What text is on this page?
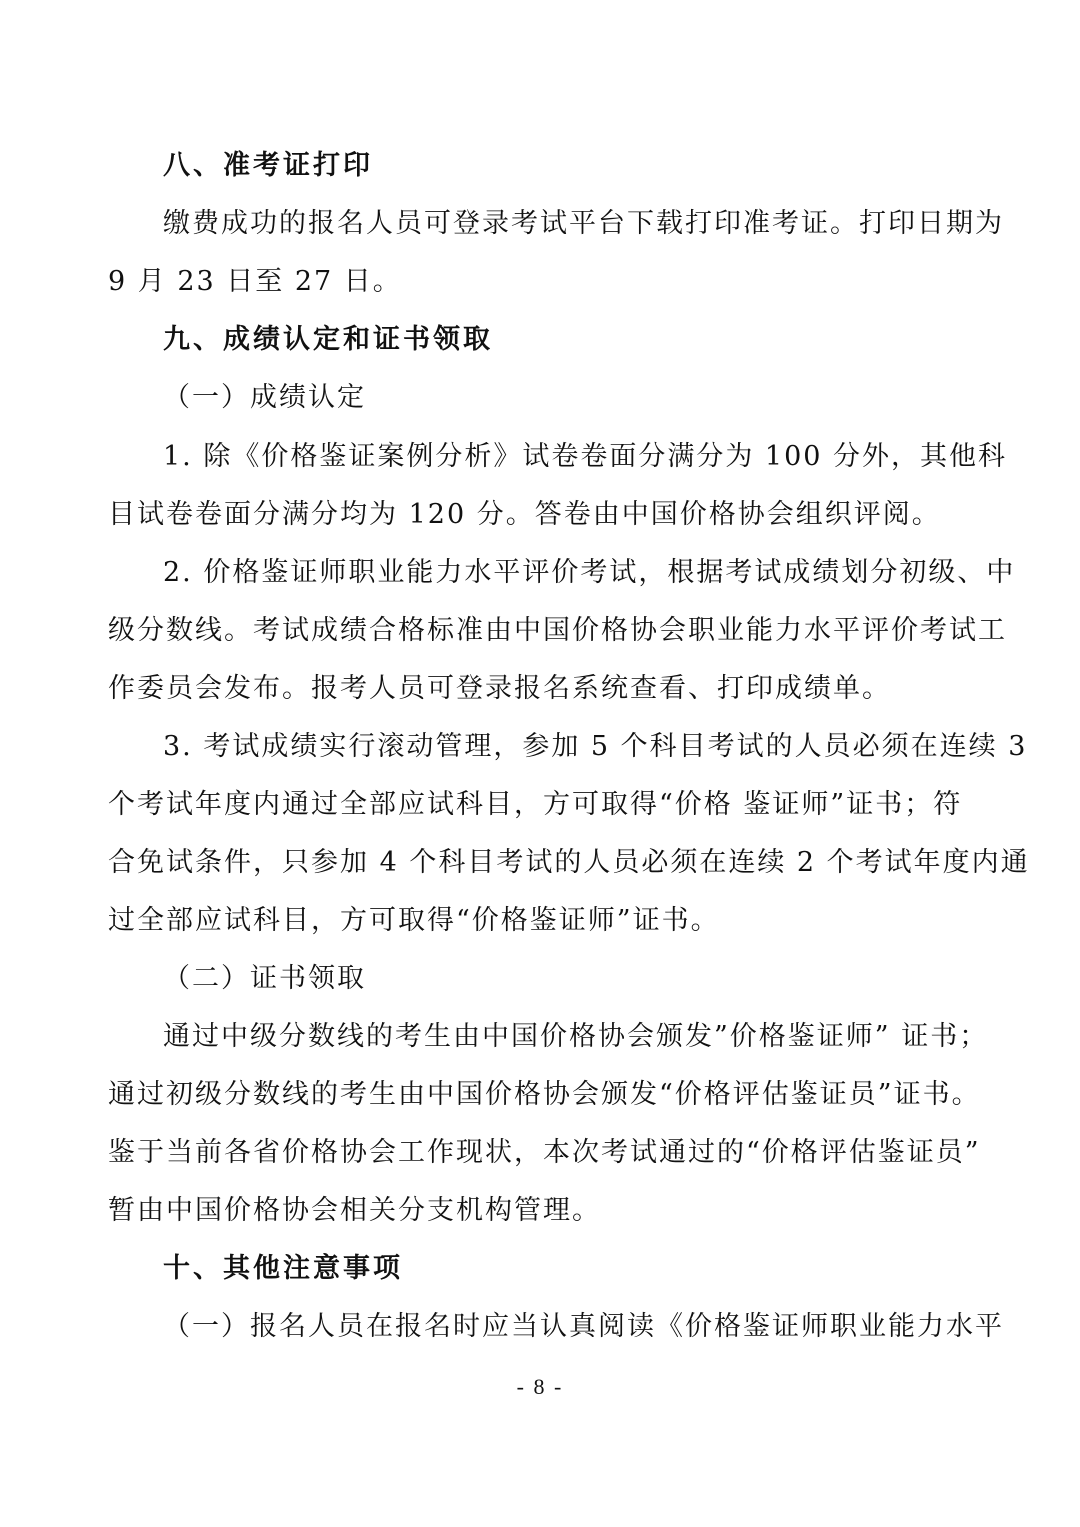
八、准考证打印
缴费成功的报名人员可登录考试平台下载打印准考证。打印日期为
9 月 23 日至 27 日。
九、成绩认定和证书领取
（一）成绩认定
1. 除《价格鉴证案例分析》试卷卷面分满分为 100 分外，其他科
目试卷卷面分满分均为 120 分。答卷由中国价格协会组织评阅。
2. 价格鉴证师职业能力水平评价考试，根据考试成绩划分初级、中
级分数线。考试成绩合格标准由中国价格协会职业能力水平评价考试工
作委员会发布。报考人员可登录报名系统查看、打印成绩单。
3. 考试成绩实行滚动管理，参加 5 个科目考试的人员必须在连续 3
个考试年度内通过全部应试科目，方可取得“价格 鉴证师”证书；符
合免试条件，只参加 4 个科目考试的人员必须在连续 2 个考试年度内通
过全部应试科目，方可取得“价格鉴证师”证书。
（二）证书领取
通过中级分数线的考生由中国价格协会颁发”价格鉴证师” 证书；
通过初级分数线的考生由中国价格协会颁发“价格评估鉴证员”证书。
鉴于当前各省价格协会工作现状，本次考试通过的“价格评估鉴证员”
暂由中国价格协会相关分支机构管理。
十、其他注意事项
（一）报名人员在报名时应当认真阅读《价格鉴证师职业能力水平
- 8 -
